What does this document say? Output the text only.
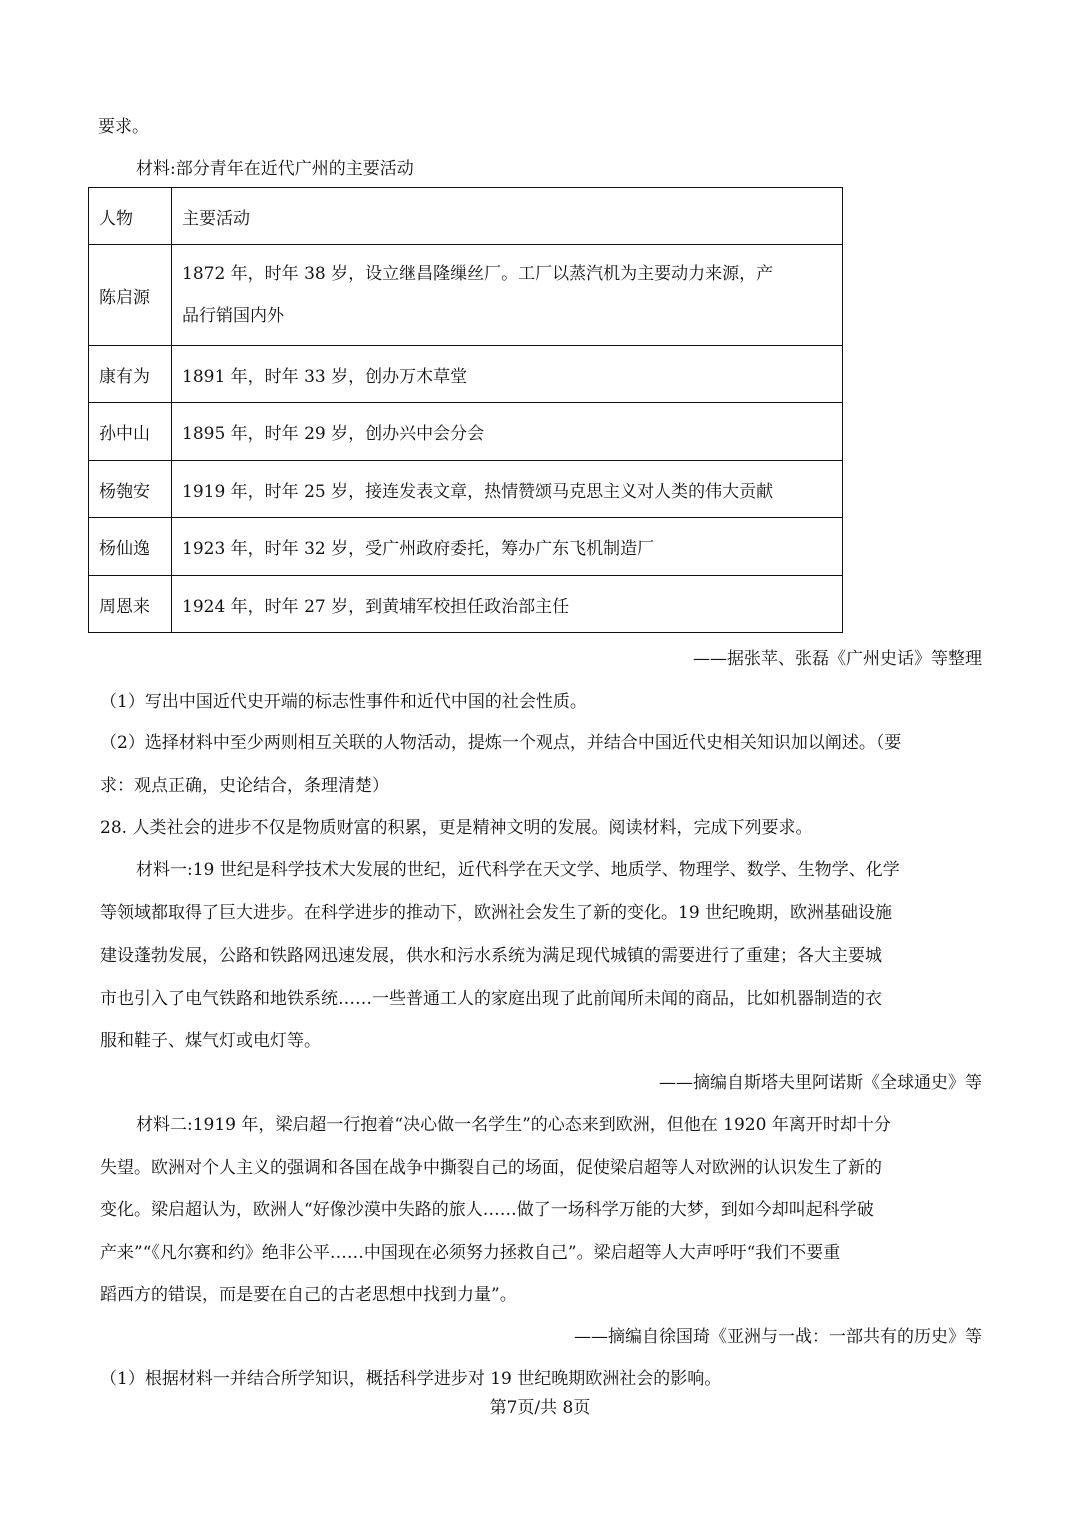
要求。
材料:部分青年在近代广州的主要活动
人物	主要活动
陈启源	1872 年，时年 38 岁，设立继昌隆缫丝厂。工厂以蒸汽机为主要动力来源，产
品行销国内外

康有为	1891 年，时年 33 岁，创办万木草堂
孙中山	1895 年，时年 29 岁，创办兴中会分会
杨匏安	1919 年，时年 25 岁，接连发表文章，热情赞颂马克思主义对人类的伟大贡献
杨仙逸	1923 年，时年 32 岁，受广州政府委托，筹办广东飞机制造厂
周恩来	1924 年，时年 27 岁，到黄埔军校担任政治部主任
——据张苹、张磊《广州史话》等整理
（1）写出中国近代史开端的标志性事件和近代中国的社会性质。
（2）选择材料中至少两则相互关联的人物活动，提炼一个观点，并结合中国近代史相关知识加以阐述。（要
求：观点正确，史论结合，条理清楚）
28. 人类社会的进步不仅是物质财富的积累，更是精神文明的发展。阅读材料，完成下列要求。
材料一:19 世纪是科学技术大发展的世纪，近代科学在天文学、地质学、物理学、数学、生物学、化学
等领域都取得了巨大进步。在科学进步的推动下，欧洲社会发生了新的变化。19 世纪晚期，欧洲基础设施
建设蓬勃发展，公路和铁路网迅速发展，供水和污水系统为满足现代城镇的需要进行了重建；各大主要城
市也引入了电气铁路和地铁系统……一些普通工人的家庭出现了此前闻所未闻的商品，比如机器制造的衣
服和鞋子、煤气灯或电灯等。
——摘编自斯塔夫里阿诺斯《全球通史》等
材料二:1919 年，梁启超一行抱着“决心做一名学生”的心态来到欧洲，但他在 1920 年离开时却十分
失望。欧洲对个人主义的强调和各国在战争中撕裂自己的场面，促使梁启超等人对欧洲的认识发生了新的
变化。梁启超认为，欧洲人“好像沙漠中失路的旅人……做了一场科学万能的大梦，到如今却叫起科学破
产来”“《凡尔赛和约》绝非公平……中国现在必须努力拯救自己”。梁启超等人大声呼吁“我们不要重
蹈西方的错误，而是要在自己的古老思想中找到力量”。
——摘编自徐国琦《亚洲与一战：一部共有的历史》等
（1）根据材料一并结合所学知识，概括科学进步对 19 世纪晚期欧洲社会的影响。
第7页/共 8页
